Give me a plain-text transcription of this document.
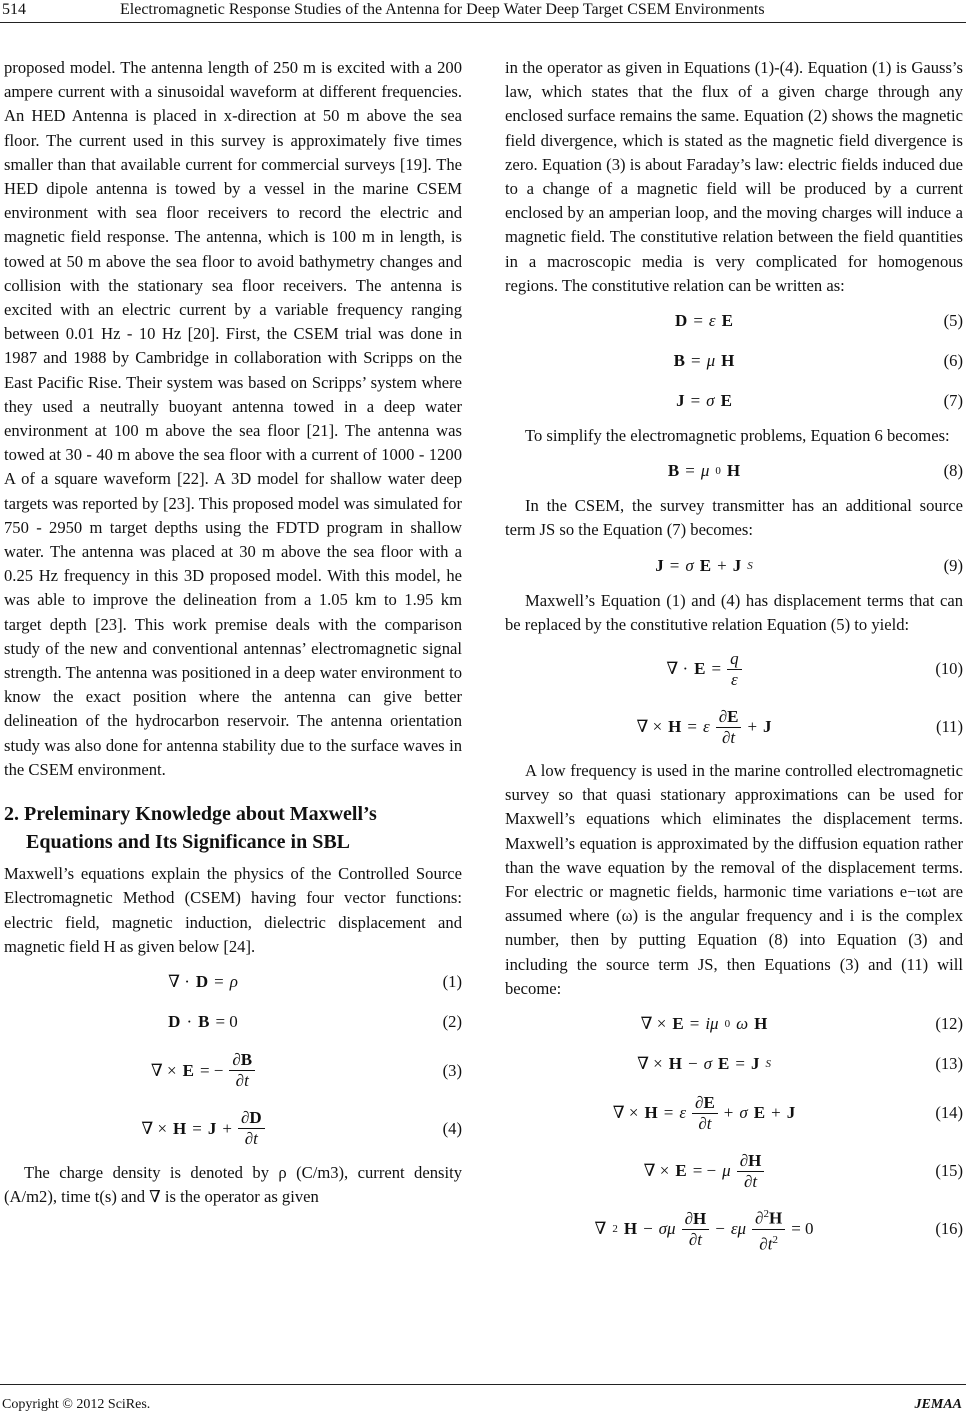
514	Electromagnetic Response Studies of the Antenna for Deep Water Deep Target CSEM Environments

proposed model. The antenna length of 250 m is excited with a 200 ampere current with a sinusoidal waveform at different frequencies. An HED Antenna is placed in x-direction at 50 m above the sea floor. The current used in this survey is approximately five times smaller than that available current for commercial surveys [19]. The HED dipole antenna is towed by a vessel in the marine CSEM environment with sea floor receivers to record the electric and magnetic field response. The antenna, which is 100 m in length, is towed at 50 m above the sea floor to avoid bathymetry changes and collision with the stationary sea floor receivers. The antenna is excited with an electric current by a variable frequency ranging between 0.01 Hz - 10 Hz [20]. First, the CSEM trial was done in 1987 and 1988 by Cambridge in collaboration with Scripps on the East Pacific Rise. Their system was based on Scripps’ system where they used a neutrally buoyant antenna towed in a deep water environment at 100 m above the sea floor [21]. The antenna was towed at 30 - 40 m above the sea floor with a current of 1000 - 1200 A of a square waveform [22]. A 3D model for shallow water deep targets was reported by [23]. This proposed model was simulated for 750 - 2950 m target depths using the FDTD program in shallow water. The antenna was placed at 30 m above the sea floor with a 0.25 Hz frequency in this 3D proposed model. With this model, he was able to improve the delineation from a 1.05 km to 1.95 km target depth [23]. This work premise deals with the comparison study of the new and conventional antennas’ electromagnetic signal strength. The antenna was positioned in a deep water environment to know the exact position where the antenna can give better delineation of the hydrocarbon reservoir. The antenna orientation study was also done for antenna stability due to the surface waves in the CSEM environment.

2. Preleminary Knowledge about Maxwell’s
Equations and Its Significance in SBL

Maxwell’s equations explain the physics of the Controlled Source Electromagnetic Method (CSEM) having four vector functions: electric field, magnetic induction, dielectric displacement and magnetic field H as given below [24].

∇ · D = ρ	(1)
D · B = 0	(2)
∇ × E = − $\frac{\partial B}{\partial t}$	(3)
∇ × $H = J + \frac{\partial D}{\partial t}$	(4)

The charge density is denoted by ρ (C/m3), current density (A/m2), time t(s) and ∇ is the operator as given

in the operator as given in Equations (1)-(4). Equation (1) is Gauss’s law, which states that the flux of a given charge through any enclosed surface remains the same. Equation (2) shows the magnetic field divergence, which is stated as the magnetic field divergence is zero. Equation (3) is about Faraday’s law: electric fields induced due to a change of a magnetic field will be produced by a current enclosed by an amperian loop, and the moving charges will induce a magnetic field. The constitutive relation between the field quantities in a macroscopic media is very complicated for homogenous regions. The constitutive relation can be written as:

D = ε E	(5)
B = μ H	(6)
J = σ E	(7)

To simplify the electromagnetic problems, Equation 6 becomes:

B = μ 0 H	(8)

In the CSEM, the survey transmitter has an additional source term JS so the Equation (7) becomes:

J = σ E + J S	(9)

Maxwell’s Equation (1) and (4) has displacement terms that can be replaced by the constitutive relation Equation (5) to yield:

∇ · $E = \frac{q}{\varepsilon}$	(10)
∇ × H = ε $\frac{\partial E}{\partial t} + J$	(11)

A low frequency is used in the marine controlled electromagnetic survey so that quasi stationary approximations can be used for Maxwell’s equations which eliminates the displacement terms. Maxwell’s equation is approximated by the diffusion equation rather than the wave equation by the removal of the displacement terms. For electric or magnetic fields, harmonic time variations e−ιωt are assumed where (ω) is the angular frequency and i is the complex number, then by putting Equation (8) into Equation (3) and including the source term JS, then Equations (3) and (11) will become:

∇ × E = iμ 0 ω H	(12)
∇ × H − σ E = J S	(13)
∇ × H = ε $\frac{\partial E}{\partial t} + \sigma$ E + J	(14)
∇ × E = − μ $\frac{\partial H}{\partial t}$	(15)
∇ 2 H − σμ $\frac{\partial H}{\partial t} - \varepsilon\mu \frac{\partial^2H}{\partial t^2} = 0$	(16)
Copyright © 2012 SciRes.	JEMAA
